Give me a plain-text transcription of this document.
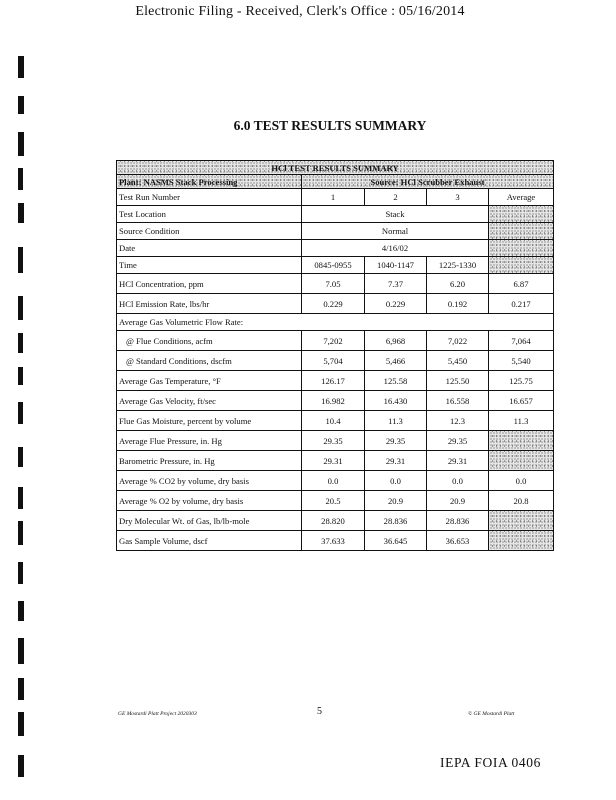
Electronic Filing - Received, Clerk's Office : 05/16/2014
6.0 TEST RESULTS SUMMARY
HCl TEST RESULTS SUMMARY				
Plant: NASMS Stack Processing	Source: HCl Scrubber Exhaust			
Test Run Number	1	2	3	Average
Test Location	Stack			
Source Condition	Normal			
Date	4/16/02			
Time	0845-0955	1040-1147	1225-1330	
HCl Concentration, ppm	7.05	7.37	6.20	6.87
HCl Emission Rate, lbs/hr	0.229	0.229	0.192	0.217
Average Gas Volumetric Flow Rate:				
@ Flue Conditions, acfm	7,202	6,968	7,022	7,064
@ Standard Conditions, dscfm	5,704	5,466	5,450	5,540
Average Gas Temperature, °F	126.17	125.58	125.50	125.75
Average Gas Velocity, ft/sec	16.982	16.430	16.558	16.657
Flue Gas Moisture, percent by volume	10.4	11.3	12.3	11.3
Average Flue Pressure, in. Hg	29.35	29.35	29.35	
Barometric Pressure, in. Hg	29.31	29.31	29.31	
Average % CO2 by volume, dry basis	0.0	0.0	0.0	0.0
Average % O2 by volume, dry basis	20.5	20.9	20.9	20.8
Dry Molecular Wt. of Gas, lb/lb-mole	28.820	28.836	28.836	
Gas Sample Volume, dscf	37.633	36.645	36.653	
GE Mostardi Platt Project 2020303	5	© GE Mostardi Platt
IEPA FOIA 0406
